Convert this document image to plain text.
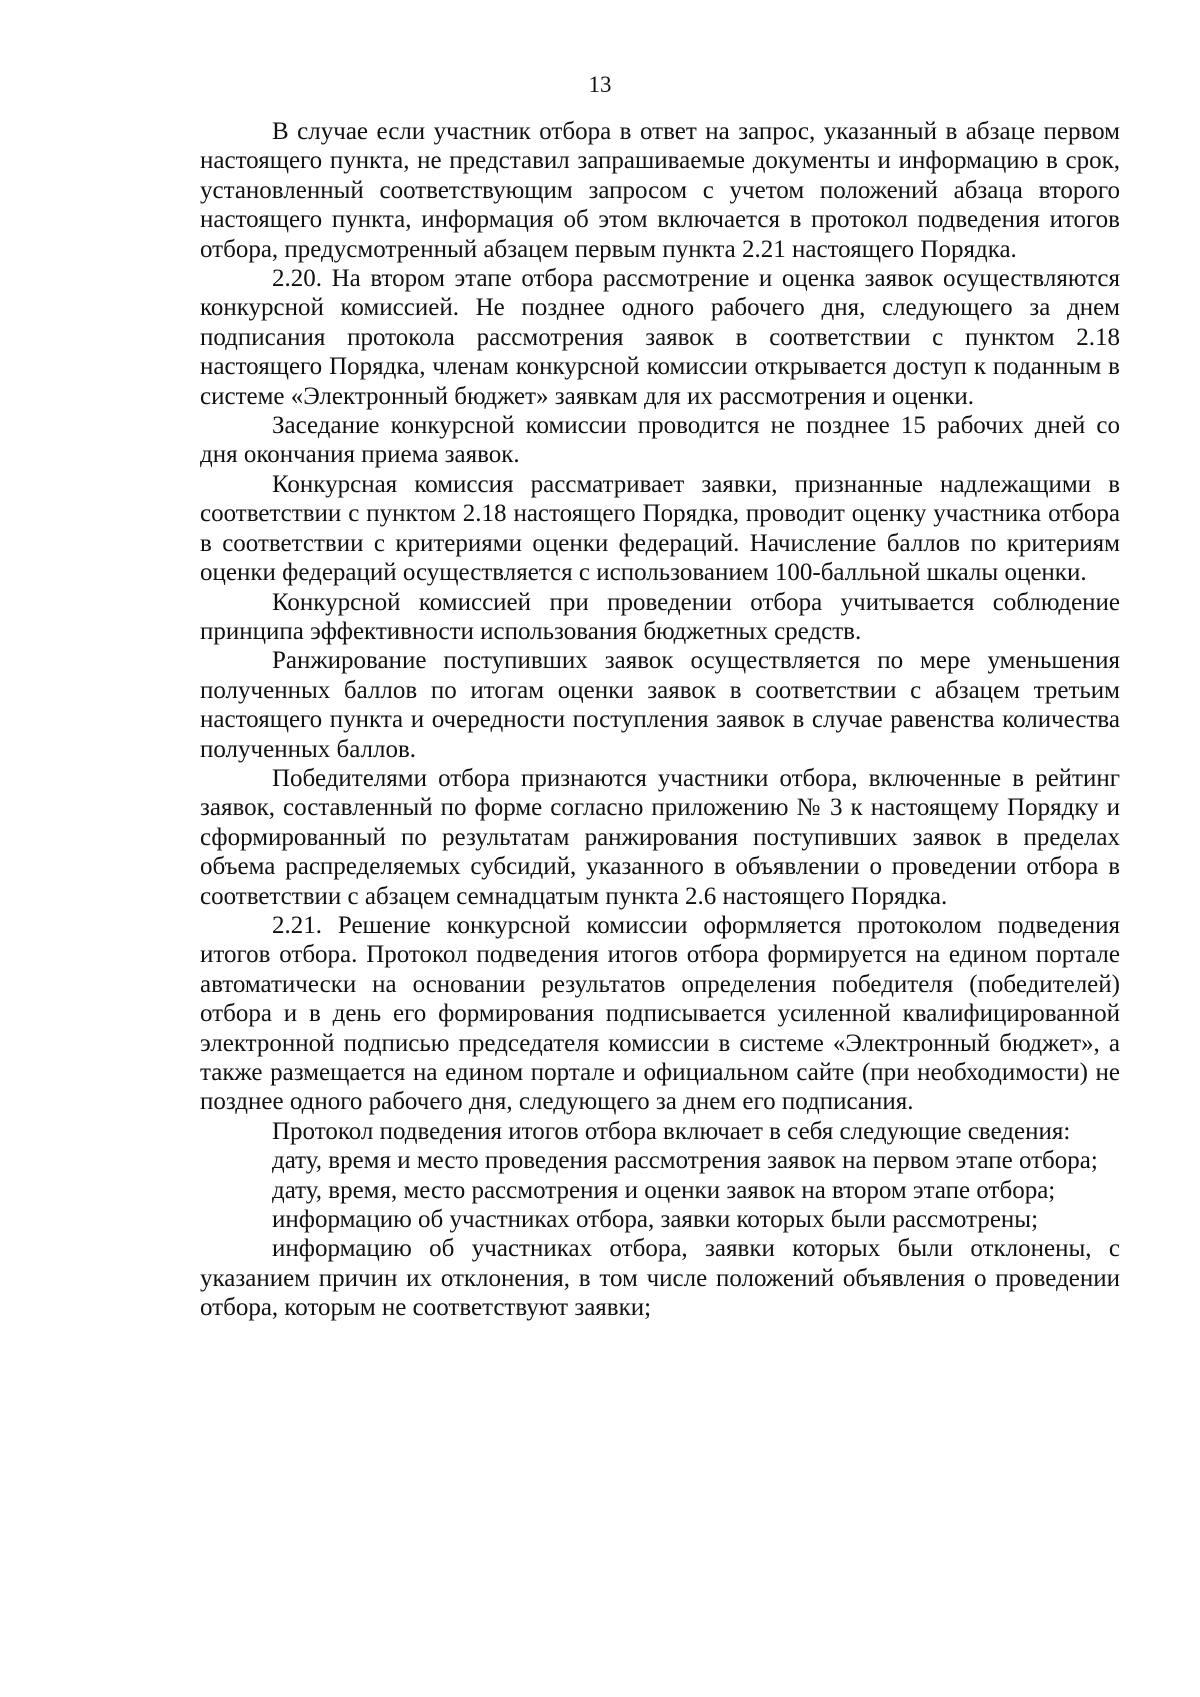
13

В случае если участник отбора в ответ на запрос, указанный в абзаце первом настоящего пункта, не представил запрашиваемые документы и информацию в срок, установленный соответствующим запросом с учетом положений абзаца второго настоящего пункта, информация об этом включается в протокол подведения итогов отбора, предусмотренный абзацем первым пункта 2.21 настоящего Порядка.

2.20. На втором этапе отбора рассмотрение и оценка заявок осуществляются конкурсной комиссией. Не позднее одного рабочего дня, следующего за днем подписания протокола рассмотрения заявок в соответствии с пунктом 2.18 настоящего Порядка, членам конкурсной комиссии открывается доступ к поданным в системе «Электронный бюджет» заявкам для их рассмотрения и оценки.

Заседание конкурсной комиссии проводится не позднее 15 рабочих дней со дня окончания приема заявок.

Конкурсная комиссия рассматривает заявки, признанные надлежащими в соответствии с пунктом 2.18 настоящего Порядка, проводит оценку участника отбора в соответствии с критериями оценки федераций. Начисление баллов по критериям оценки федераций осуществляется с использованием 100-балльной шкалы оценки.

Конкурсной комиссией при проведении отбора учитывается соблюдение принципа эффективности использования бюджетных средств.

Ранжирование поступивших заявок осуществляется по мере уменьшения полученных баллов по итогам оценки заявок в соответствии с абзацем третьим настоящего пункта и очередности поступления заявок в случае равенства количества полученных баллов.

Победителями отбора признаются участники отбора, включенные в рейтинг заявок, составленный по форме согласно приложению № 3 к настоящему Порядку и сформированный по результатам ранжирования поступивших заявок в пределах объема распределяемых субсидий, указанного в объявлении о проведении отбора в соответствии с абзацем семнадцатым пункта 2.6 настоящего Порядка.

2.21. Решение конкурсной комиссии оформляется протоколом подведения итогов отбора. Протокол подведения итогов отбора формируется на едином портале автоматически на основании результатов определения победителя (победителей) отбора и в день его формирования подписывается усиленной квалифицированной электронной подписью председателя комиссии в системе «Электронный бюджет», а также размещается на едином портале и официальном сайте (при необходимости) не позднее одного рабочего дня, следующего за днем его подписания.

Протокол подведения итогов отбора включает в себя следующие сведения:

дату, время и место проведения рассмотрения заявок на первом этапе отбора;

дату, время, место рассмотрения и оценки заявок на втором этапе отбора;

информацию об участниках отбора, заявки которых были рассмотрены;

информацию об участниках отбора, заявки которых были отклонены, с указанием причин их отклонения, в том числе положений объявления о проведении отбора, которым не соответствуют заявки;
